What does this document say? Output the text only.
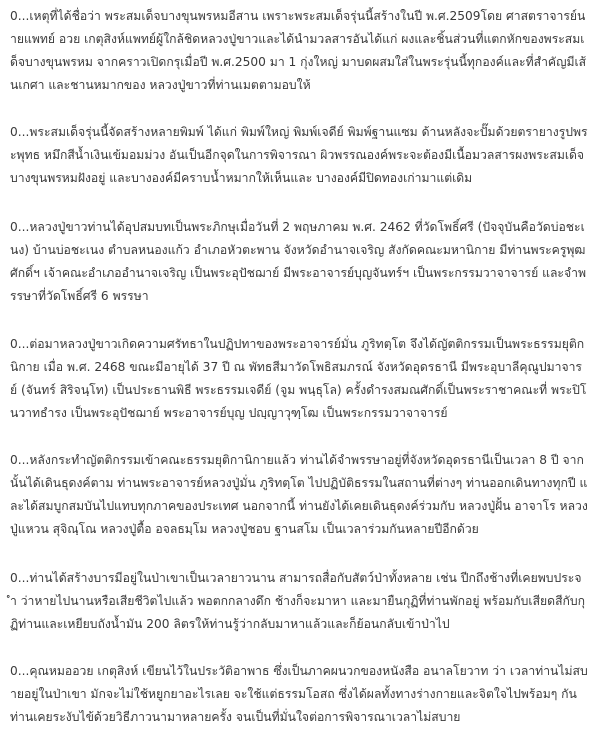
0...เหตุที่ได้ชื่อว่า พระสมเด็จบางขุนพรหมอีสาน เพราะพระสมเด็จรุ่นนี้สร้างในปี พ.ศ.2509โดย ศาสตราจารย์นายแพทย์ อวย เกตุสิงห์แพทย์ผู้ใกล้ชิดหลวงปู่ขาวและได้นำมวลสารอันได้แก่ ผงและชิ้นส่วนที่แตกหักของพระสมเด็จบางขุนพรหม จากคราวเปิดกรุเมื่อปี พ.ศ.2500 มา 1 กุ่งใหญ่ มาบดผสมใส่ในพระรุ่นนี้ทุกองค์และที่สำคัญมีเส้นเกศา และชานหมากของ หลวงปู่ขาวที่ท่านเมตตามอบให้

0...พระสมเด็จรุ่นนี้จัดสร้างหลายพิมพ์ ได้แก่ พิมพ์ใหญ่ พิมพ์เจดีย์ พิมพ์ฐานแซม ด้านหลังจะปั๊มด้วยตรายางรูปพระพุทธ หมึกสีน้ำเงินเข้มอมม่วง อันเป็นอีกจุดในการพิจารณา ผิวพรรณองค์พระจะต้องมีเนื้อมวลสารผงพระสมเด็จบางขุนพรหมฝังอยู่ และบางองค์มีคราบน้ำหมากให้เห็นและ บางองค์มีปิดทองเก่ามาแต่เดิม

0...หลวงปู่ขาวท่านได้อุปสมบทเป็นพระภิกษุเมื่อวันที่ 2 พฤษภาคม พ.ศ. 2462 ที่วัดโพธิ์ศรี (ปัจจุบันคือวัดบ่อชะเนง) บ้านบ่อชะเนง ตำบลหนองแก้ว อำเภอหัวตะพาน จังหวัดอำนาจเจริญ สังกัดคณะมหานิกาย มีท่านพระครูพุฒศักดิ์ฯ เจ้าคณะอำเภออำนาจเจริญ เป็นพระอุปัชฌาย์ มีพระอาจารย์บุญจันทร์ฯ เป็นพระกรรมวาจาจารย์ และจำพรรษาที่วัดโพธิ์ศรี 6 พรรษา

0...ต่อมาหลวงปู่ขาวเกิดความศรัทธาในปฏิปทาของพระอาจารย์มั่น ภูริทตฺโต จึงได้ญัตติกรรมเป็นพระธรรมยุติกนิกาย เมื่อ พ.ศ. 2468 ขณะมีอายุได้ 37 ปี ณ พัทธสีมาวัดโพธิสมภรณ์ จังหวัดอุดรธานี มีพระอุบาลีคุณูปมาจารย์ (จันทร์ สิริจนฺโท) เป็นประธานพิธี พระธรรมเจดีย์ (จูม พนฺธุโล) ครั้งดำรงสมณศักดิ์เป็นพระราชาคณะที่ พระปิโนวาทธำรง เป็นพระอุปัชฌาย์ พระอาจารย์บุญ ปญฺญาวุฑฺโฒ เป็นพระกรรมวาจาจารย์

0...หลังกระทำญัตติกรรมเข้าคณะธรรมยุติกานิกายแล้ว ท่านได้จำพรรษาอยู่ที่จังหวัดอุดรธานีเป็นเวลา 8 ปี จากนั้นได้เดินธุดงค์ตาม ท่านพระอาจารย์หลวงปู่มั่น ภูริทตฺโต ไปปฏิบัติธรรมในสถานที่ต่างๆ ท่านออกเดินทางทุกปี และได้สมบูกสมบันไปแทบทุกภาคของประเทศ นอกจากนี้ ท่านยังได้เคยเดินธุดงค์ร่วมกับ หลวงปู่ฝั้น อาจาโร หลวงปู่แหวน สุจิณฺโณ หลวงปู่ตื้อ อจลธมฺโม หลวงปู่ชอบ ฐานสโม เป็นเวลาร่วมกันหลายปีอีกด้วย

0...ท่านได้สร้างบารมีอยู่ในป่าเขาเป็นเวลายาวนาน สามารถสื่อกับสัตว์ป่าทั้งหลาย เช่น ปีกถึงช้างที่เคยพบประจำ ว่าหายไปนานหรือเสียชีวิตไปแล้ว พอตกกลางดึก ช้างก็จะมาหา และมายืนกุฏิที่ท่านพักอยู่ พร้อมกับเสียดสีกับกุฏิท่านและเหยียบถังน้ำมัน 200 ลิตรให้ท่านรู้ว่ากลับมาหาแล้วและก็ย้อนกลับเข้าป่าไป

0...คุณหมออวย เกตุสิงห์ เขียนไว้ในประวัติอาพาธ ซึ่งเป็นภาคผนวกของหนังสือ อนาลโยวาท ว่า เวลาท่านไม่สบายอยู่ในป่าเขา มักจะไม่ใช้หยูกยาอะไรเลย จะใช้แต่ธรรมโอสถ ซึ่งได้ผลทั้งทางร่างกายและจิตใจไปพร้อมๆ กัน ท่านเคยระงับไข้ด้วยวิธีภาวนามาหลายครั้ง จนเป็นที่มั่นใจต่อการพิจารณาเวลาไม่สบาย
